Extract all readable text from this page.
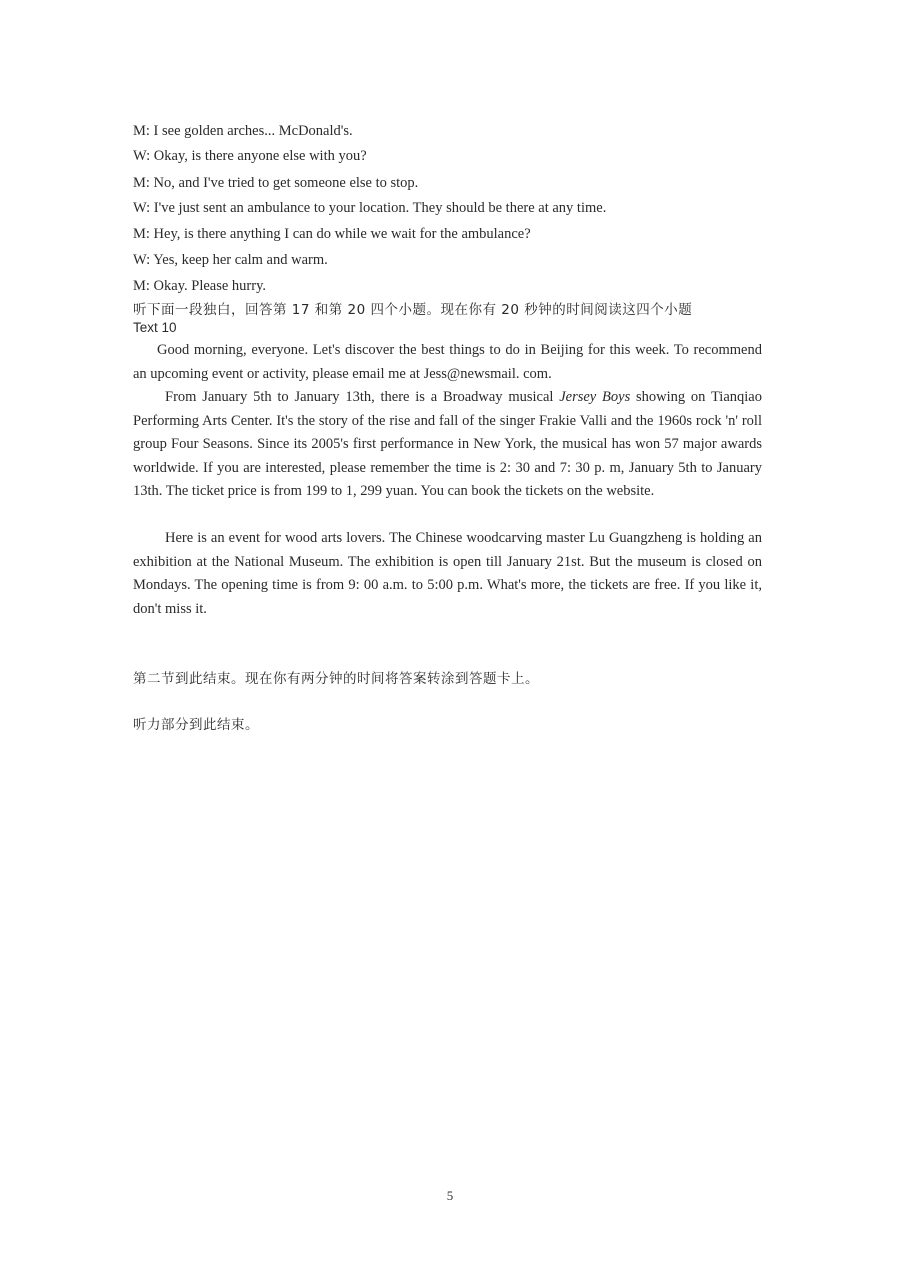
M: I see golden arches... McDonald's.
W: Okay, is there anyone else with you?
M: No, and I've tried to get someone else to stop.
W: I've just sent an ambulance to your location. They should be there at any time.
M: Hey, is there anything I can do while we wait for the ambulance?
W: Yes, keep her calm and warm.
M: Okay. Please hurry.
听下面一段独白，回答第 17 和第 20 四个小题。现在你有 20 秒钟的时间阅读这四个小题
Text 10
Good morning, everyone. Let's discover the best things to do in Beijing for this week. To recommend an upcoming event or activity, please email me at Jess@newsmail. com.
From January 5th to January 13th, there is a Broadway musical Jersey Boys showing on Tianqiao Performing Arts Center. It's the story of the rise and fall of the singer Frakie Valli and the 1960s rock 'n' roll group Four Seasons. Since its 2005's first performance in New York, the musical has won 57 major awards worldwide. If you are interested, please remember the time is 2: 30 and 7: 30 p. m, January 5th to January 13th. The ticket price is from 199 to 1, 299 yuan. You can book the tickets on the website.
Here is an event for wood arts lovers. The Chinese woodcarving master Lu Guangzheng is holding an exhibition at the National Museum. The exhibition is open till January 21st. But the museum is closed on Mondays. The opening time is from 9: 00 a.m. to 5:00 p.m. What's more, the tickets are free. If you like it, don't miss it.
第二节到此结束。现在你有两分钟的时间将答案转涂到答题卡上。
听力部分到此结束。
5
